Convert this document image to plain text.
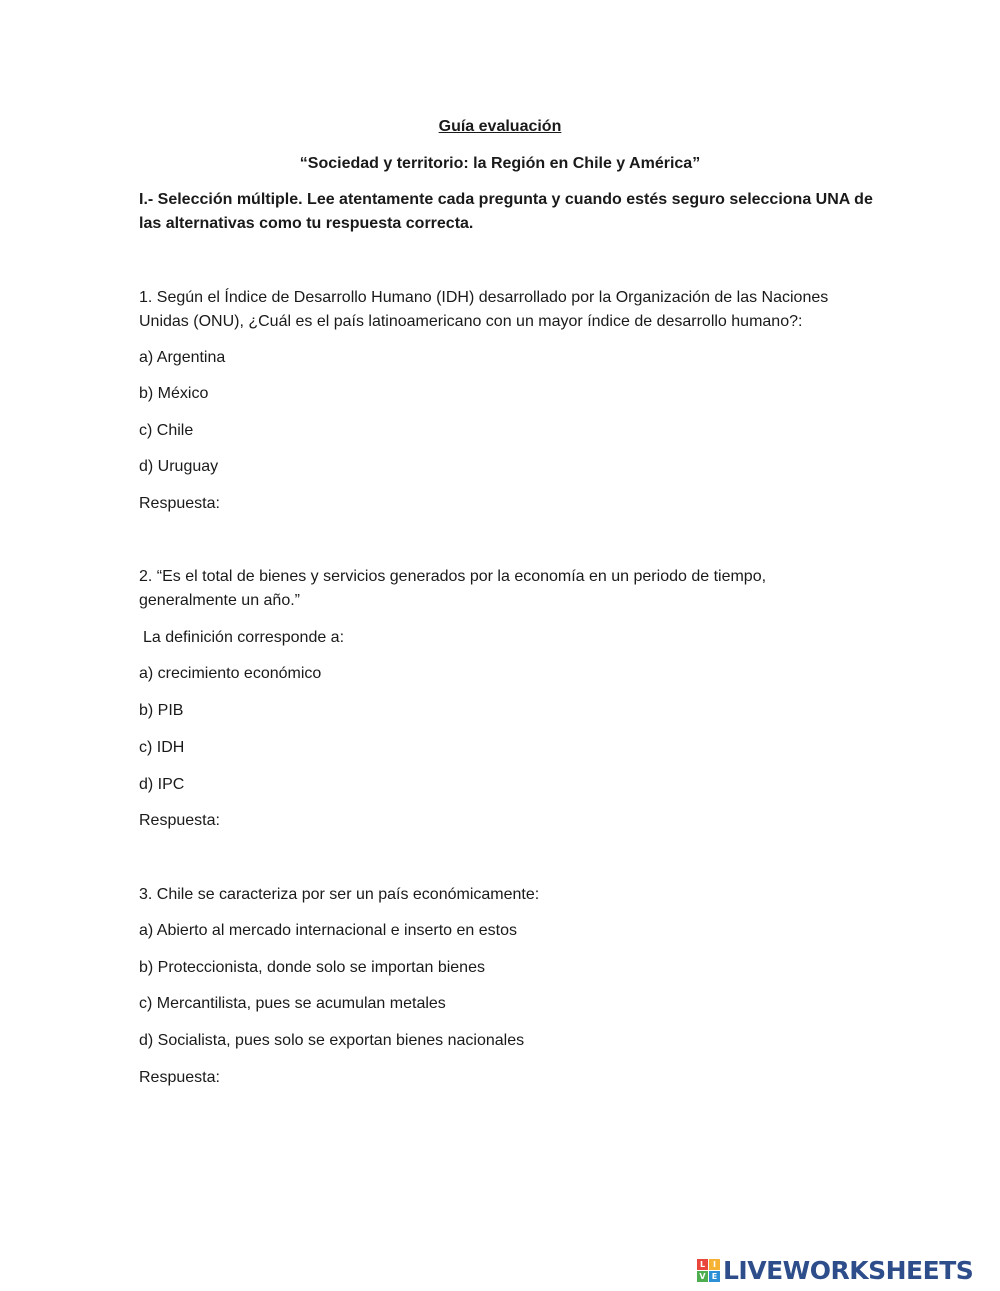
Guía evaluación
“Sociedad y territorio: la Región en Chile y América”
I.- Selección múltiple. Lee atentamente cada pregunta y cuando estés seguro selecciona UNA de
las alternativas como tu respuesta correcta.
1. Según el Índice de Desarrollo Humano (IDH) desarrollado por la Organización de las Naciones
Unidas (ONU), ¿Cuál es el país latinoamericano con un mayor índice de desarrollo humano?:
a) Argentina
b) México
c) Chile
d) Uruguay
Respuesta:
2. “Es el total de bienes y servicios generados por la economía en un periodo de tiempo,
generalmente un año.”
La definición corresponde a:
a) crecimiento económico
b) PIB
c) IDH
d) IPC
Respuesta:
3. Chile se caracteriza por ser un país económicamente:
a) Abierto al mercado internacional e inserto en estos
b) Proteccionista, donde solo se importan bienes
c) Mercantilista, pues se acumulan metales
d) Socialista, pues solo se exportan bienes nacionales
Respuesta:
L I
V E LIVEWORKSHEETS
